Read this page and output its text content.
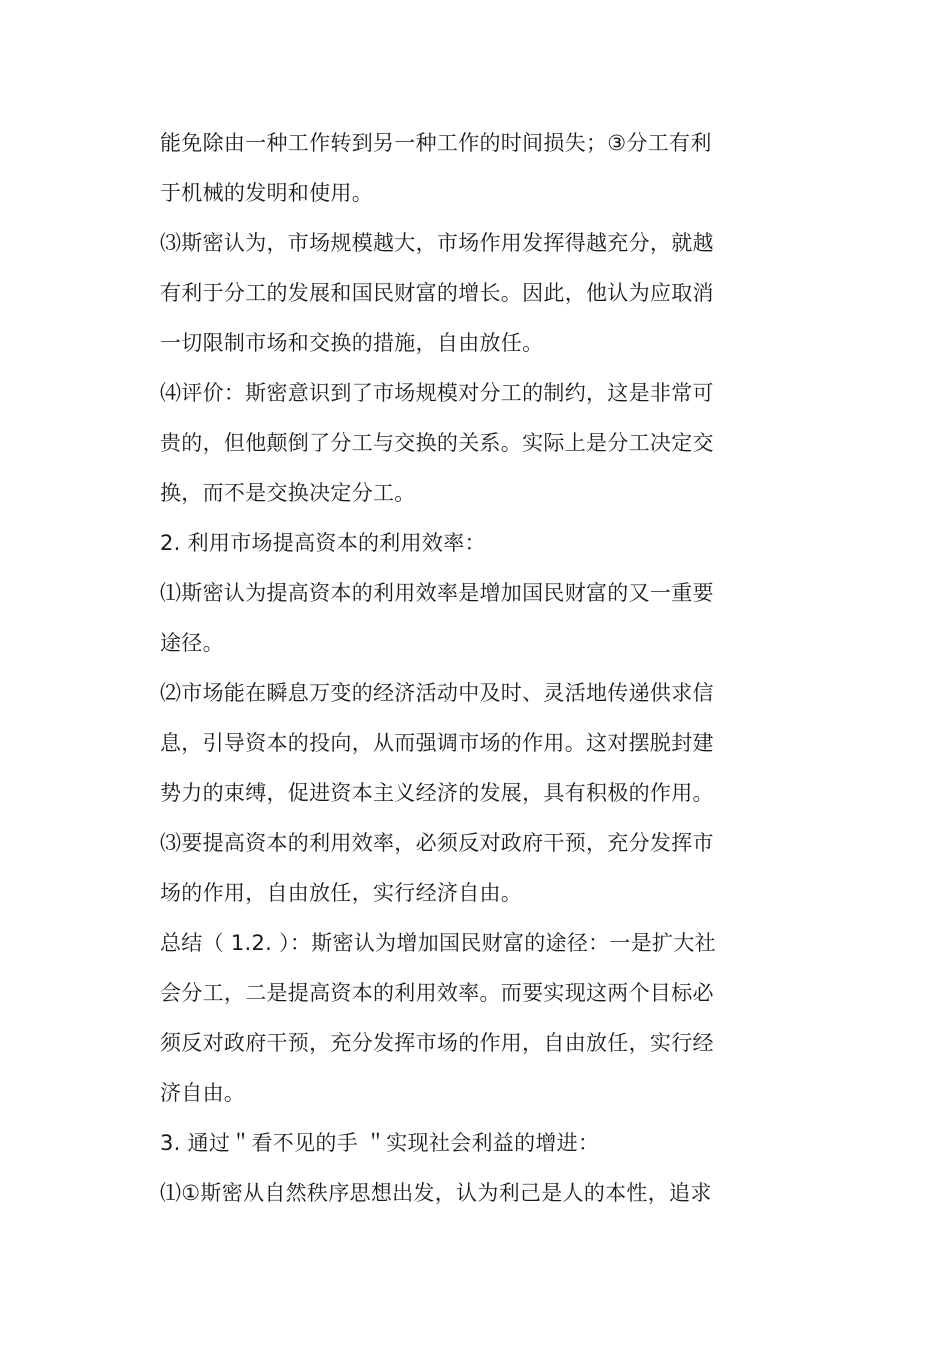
能免除由一种工作转到另一种工作的时间损失；③分工有利
于机械的发明和使用。

⑶斯密认为，市场规模越大，市场作用发挥得越充分，就越
有利于分工的发展和国民财富的增长。因此，他认为应取消
一切限制市场和交换的措施，自由放任。

⑷评价：斯密意识到了市场规模对分工的制约，这是非常可
贵的，但他颠倒了分工与交换的关系。实际上是分工决定交
换，而不是交换决定分工。

2. 利用市场提高资本的利用效率：

⑴斯密认为提高资本的利用效率是增加国民财富的又一重要
途径。

⑵市场能在瞬息万变的经济活动中及时、灵活地传递供求信
息，引导资本的投向，从而强调市场的作用。这对摆脱封建
势力的束缚，促进资本主义经济的发展，具有积极的作用。

⑶要提高资本的利用效率，必须反对政府干预，充分发挥市
场的作用，自由放任，实行经济自由。

总结（ 1.2. ）：斯密认为增加国民财富的途径：一是扩大社
会分工，二是提高资本的利用效率。而要实现这两个目标必
须反对政府干预，充分发挥市场的作用，自由放任，实行经
济自由。

3. 通过＂看不见的手 ＂实现社会利益的增进：

⑴①斯密从自然秩序思想出发，认为利己是人的本性，追求
